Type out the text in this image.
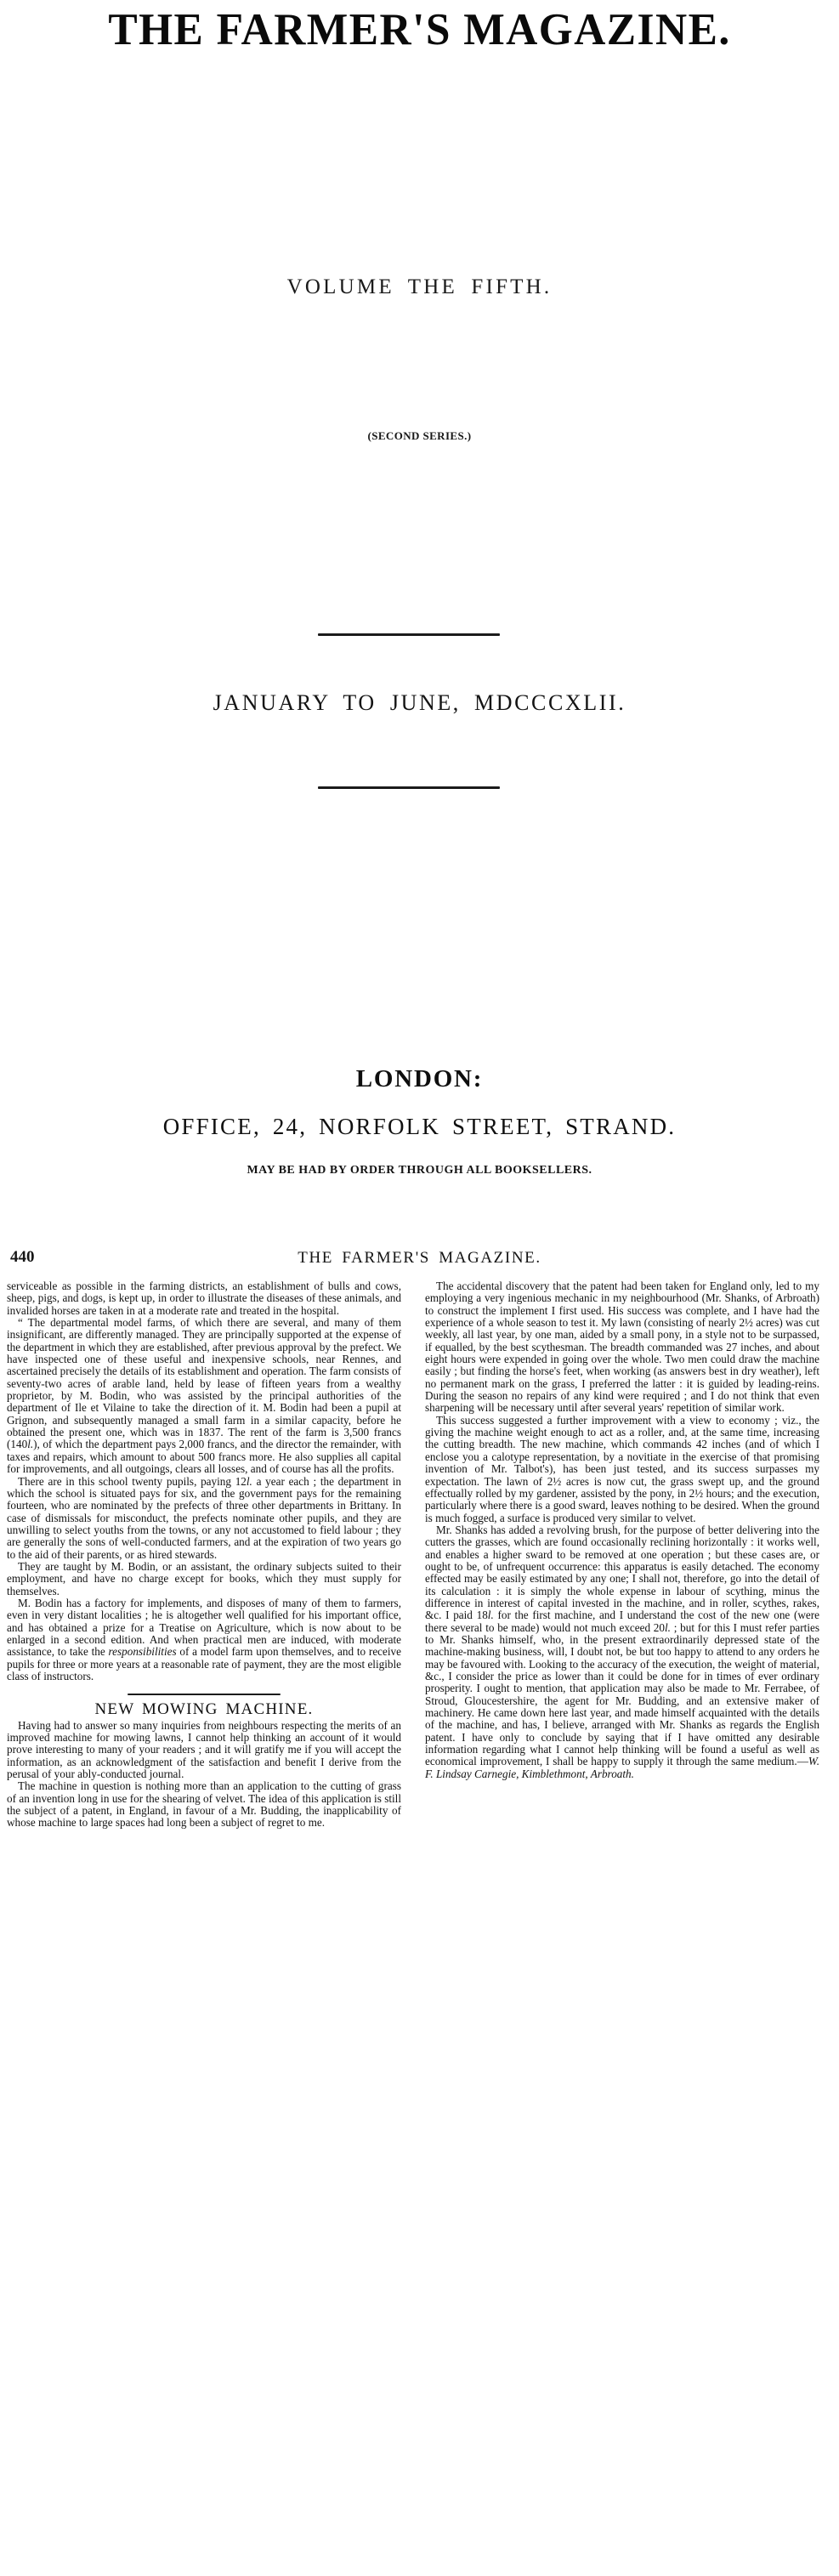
THE FARMER'S MAGAZINE.
VOLUME THE FIFTH.
(SECOND SERIES.)
JANUARY TO JUNE, MDCCCXLII.
LONDON:
OFFICE, 24, NORFOLK STREET, STRAND.
MAY BE HAD BY ORDER THROUGH ALL BOOKSELLERS.
440	THE FARMER'S MAGAZINE.

serviceable as possible in the farming districts, an establishment of bulls and cows, sheep, pigs, and dogs, is kept up, in order to illustrate the diseases of these animals, and invalided horses are taken in at a moderate rate and treated in the hospital.

“ The departmental model farms, of which there are several, and many of them insignificant, are differently managed. They are principally supported at the expense of the department in which they are established, after previous approval by the prefect. We have inspected one of these useful and inexpensive schools, near Rennes, and ascertained precisely the details of its establishment and operation. The farm consists of seventy-two acres of arable land, held by lease of fifteen years from a wealthy proprietor, by M. Bodin, who was assisted by the principal authorities of the department of Ile et Vilaine to take the direction of it. M. Bodin had been a pupil at Grignon, and subsequently managed a small farm in a similar capacity, before he obtained the present one, which was in 1837. The rent of the farm is 3,500 francs (140l.), of which the department pays 2,000 francs, and the director the remainder, with taxes and repairs, which amount to about 500 francs more. He also supplies all capital for improvements, and all outgoings, clears all losses, and of course has all the profits.

There are in this school twenty pupils, paying 12l. a year each ; the department in which the school is situated pays for six, and the government pays for the remaining fourteen, who are nominated by the prefects of three other departments in Brittany. In case of dismissals for misconduct, the prefects nominate other pupils, and they are unwilling to select youths from the towns, or any not accustomed to field labour ; they are generally the sons of well-conducted farmers, and at the expiration of two years go to the aid of their parents, or as hired stewards.

They are taught by M. Bodin, or an assistant, the ordinary subjects suited to their employment, and have no charge except for books, which they must supply for themselves.

M. Bodin has a factory for implements, and disposes of many of them to farmers, even in very distant localities ; he is altogether well qualified for his important office, and has obtained a prize for a Treatise on Agriculture, which is now about to be enlarged in a second edition. And when practical men are induced, with moderate assistance, to take the responsibilities of a model farm upon themselves, and to receive pupils for three or more years at a reasonable rate of payment, they are the most eligible class of instructors.

NEW MOWING MACHINE.

Having had to answer so many inquiries from neighbours respecting the merits of an improved machine for mowing lawns, I cannot help thinking an account of it would prove interesting to many of your readers ; and it will gratify me if you will accept the information, as an acknowledgment of the satisfaction and benefit I derive from the perusal of your ably-conducted journal.

The machine in question is nothing more than an application to the cutting of grass of an invention long in use for the shearing of velvet. The idea of this application is still the subject of a patent, in England, in favour of a Mr. Budding, the inapplicability of whose machine to large spaces had long been a subject of regret to me.

The accidental discovery that the patent had been taken for England only, led to my employing a very ingenious mechanic in my neighbourhood (Mr. Shanks, of Arbroath) to construct the implement I first used. His success was complete, and I have had the experience of a whole season to test it. My lawn (consisting of nearly 2½ acres) was cut weekly, all last year, by one man, aided by a small pony, in a style not to be surpassed, if equalled, by the best scythesman. The breadth commanded was 27 inches, and about eight hours were expended in going over the whole. Two men could draw the machine easily ; but finding the horse's feet, when working (as answers best in dry weather), left no permanent mark on the grass, I preferred the latter : it is guided by leading-reins. During the season no repairs of any kind were required ; and I do not think that even sharpening will be necessary until after several years' repetition of similar work.

This success suggested a further improvement with a view to economy ; viz., the giving the machine weight enough to act as a roller, and, at the same time, increasing the cutting breadth. The new machine, which commands 42 inches (and of which I enclose you a calotype representation, by a novitiate in the exercise of that promising invention of Mr. Talbot's), has been just tested, and its success surpasses my expectation. The lawn of 2½ acres is now cut, the grass swept up, and the ground effectually rolled by my gardener, assisted by the pony, in 2½ hours; and the execution, particularly where there is a good sward, leaves nothing to be desired. When the ground is much fogged, a surface is produced very similar to velvet.

Mr. Shanks has added a revolving brush, for the purpose of better delivering into the cutters the grasses, which are found occasionally reclining horizontally : it works well, and enables a higher sward to be removed at one operation ; but these cases are, or ought to be, of unfrequent occurrence: this apparatus is easily detached. The economy effected may be easily estimated by any one; I shall not, therefore, go into the detail of its calculation : it is simply the whole expense in labour of scything, minus the difference in interest of capital invested in the machine, and in roller, scythes, rakes, &c. I paid 18l. for the first machine, and I understand the cost of the new one (were there several to be made) would not much exceed 20l. ; but for this I must refer parties to Mr. Shanks himself, who, in the present extraordinarily depressed state of the machine-making business, will, I doubt not, be but too happy to attend to any orders he may be favoured with. Looking to the accuracy of the execution, the weight of material, &c., I consider the price as lower than it could be done for in times of ever ordinary prosperity. I ought to mention, that application may also be made to Mr. Ferrabee, of Stroud, Gloucestershire, the agent for Mr. Budding, and an extensive maker of machinery. He came down here last year, and made himself acquainted with the details of the machine, and has, I believe, arranged with Mr. Shanks as regards the English patent. I have only to conclude by saying that if I have omitted any desirable information regarding what I cannot help thinking will be found a useful as well as economical improvement, I shall be happy to supply it through the same medium.—W. F. Lindsay Carnegie, Kimblethmont, Arbroath.
